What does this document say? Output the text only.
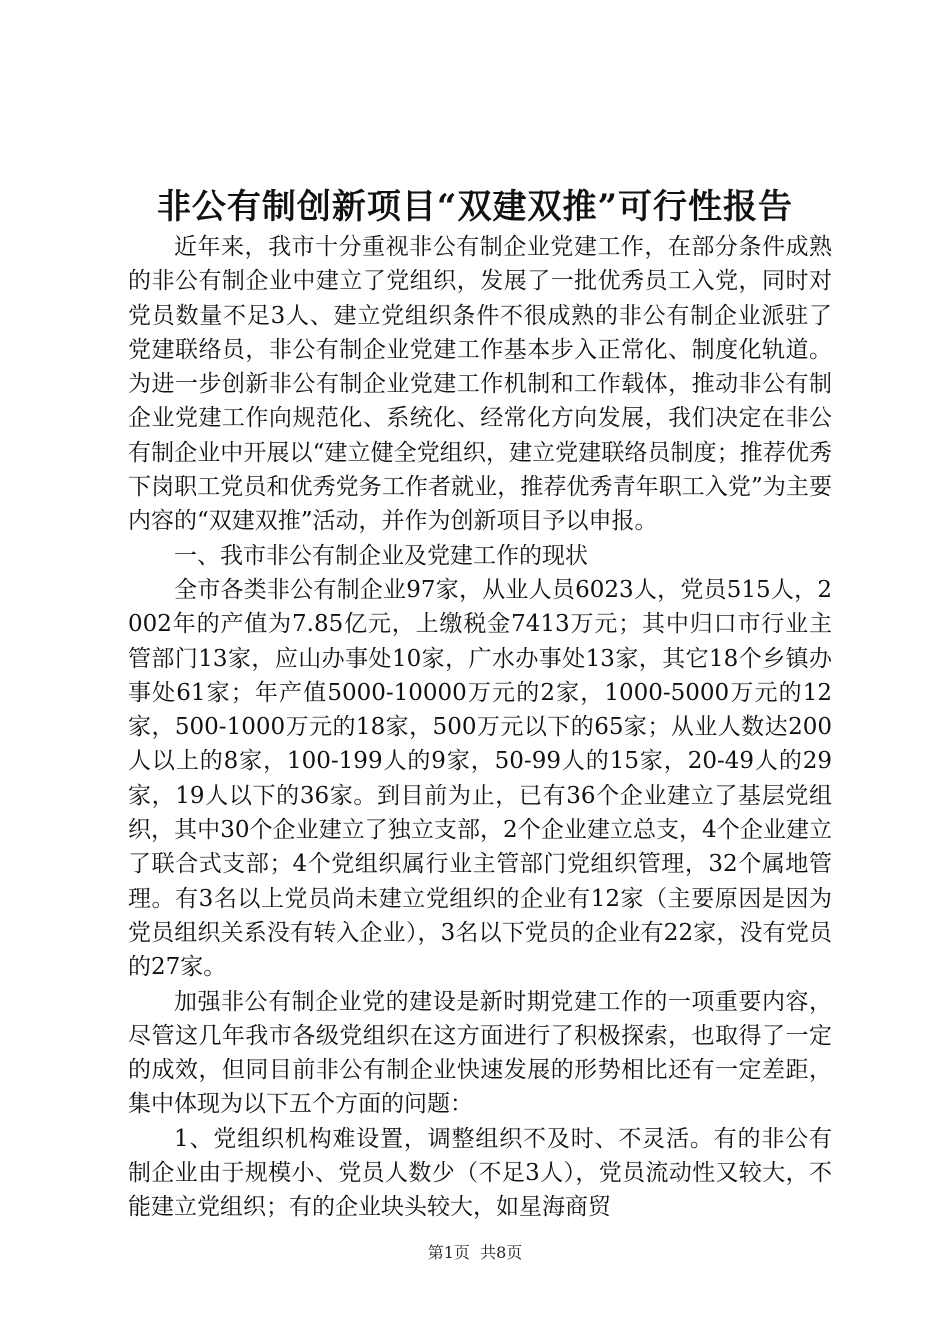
非公有制创新项目“双建双推”可行性报告

近年来，我市十分重视非公有制企业党建工作，在部分条件成熟的非公有制企业中建立了党组织，发展了一批优秀员工入党，同时对党员数量不足3人、建立党组织条件不很成熟的非公有制企业派驻了党建联络员，非公有制企业党建工作基本步入正常化、制度化轨道。为进一步创新非公有制企业党建工作机制和工作载体，推动非公有制企业党建工作向规范化、系统化、经常化方向发展，我们决定在非公有制企业中开展以“建立健全党组织，建立党建联络员制度；推荐优秀下岗职工党员和优秀党务工作者就业，推荐优秀青年职工入党”为主要内容的“双建双推”活动，并作为创新项目予以申报。

一、我市非公有制企业及党建工作的现状

全市各类非公有制企业97家，从业人员6023人，党员515人，2002年的产值为7.85亿元，上缴税金7413万元；其中归口市行业主管部门13家，应山办事处10家，广水办事处13家，其它18个乡镇办事处61家；年产值5000-10000万元的2家，1000-5000万元的12家，500-1000万元的18家，500万元以下的65家；从业人数达200人以上的8家，100-199人的9家，50-99人的15家，20-49人的29家，19人以下的36家。到目前为止，已有36个企业建立了基层党组织，其中30个企业建立了独立支部，2个企业建立总支，4个企业建立了联合式支部；4个党组织属行业主管部门党组织管理，32个属地管理。有3名以上党员尚未建立党组织的企业有12家（主要原因是因为党员组织关系没有转入企业），3名以下党员的企业有22家，没有党员的27家。

加强非公有制企业党的建设是新时期党建工作的一项重要内容，尽管这几年我市各级党组织在这方面进行了积极探索，也取得了一定的成效，但同目前非公有制企业快速发展的形势相比还有一定差距，集中体现为以下五个方面的问题：

1、党组织机构难设置，调整组织不及时、不灵活。有的非公有制企业由于规模小、党员人数少（不足3人），党员流动性又较大，不能建立党组织；有的企业块头较大，如星海商贸

第1页 共8页
